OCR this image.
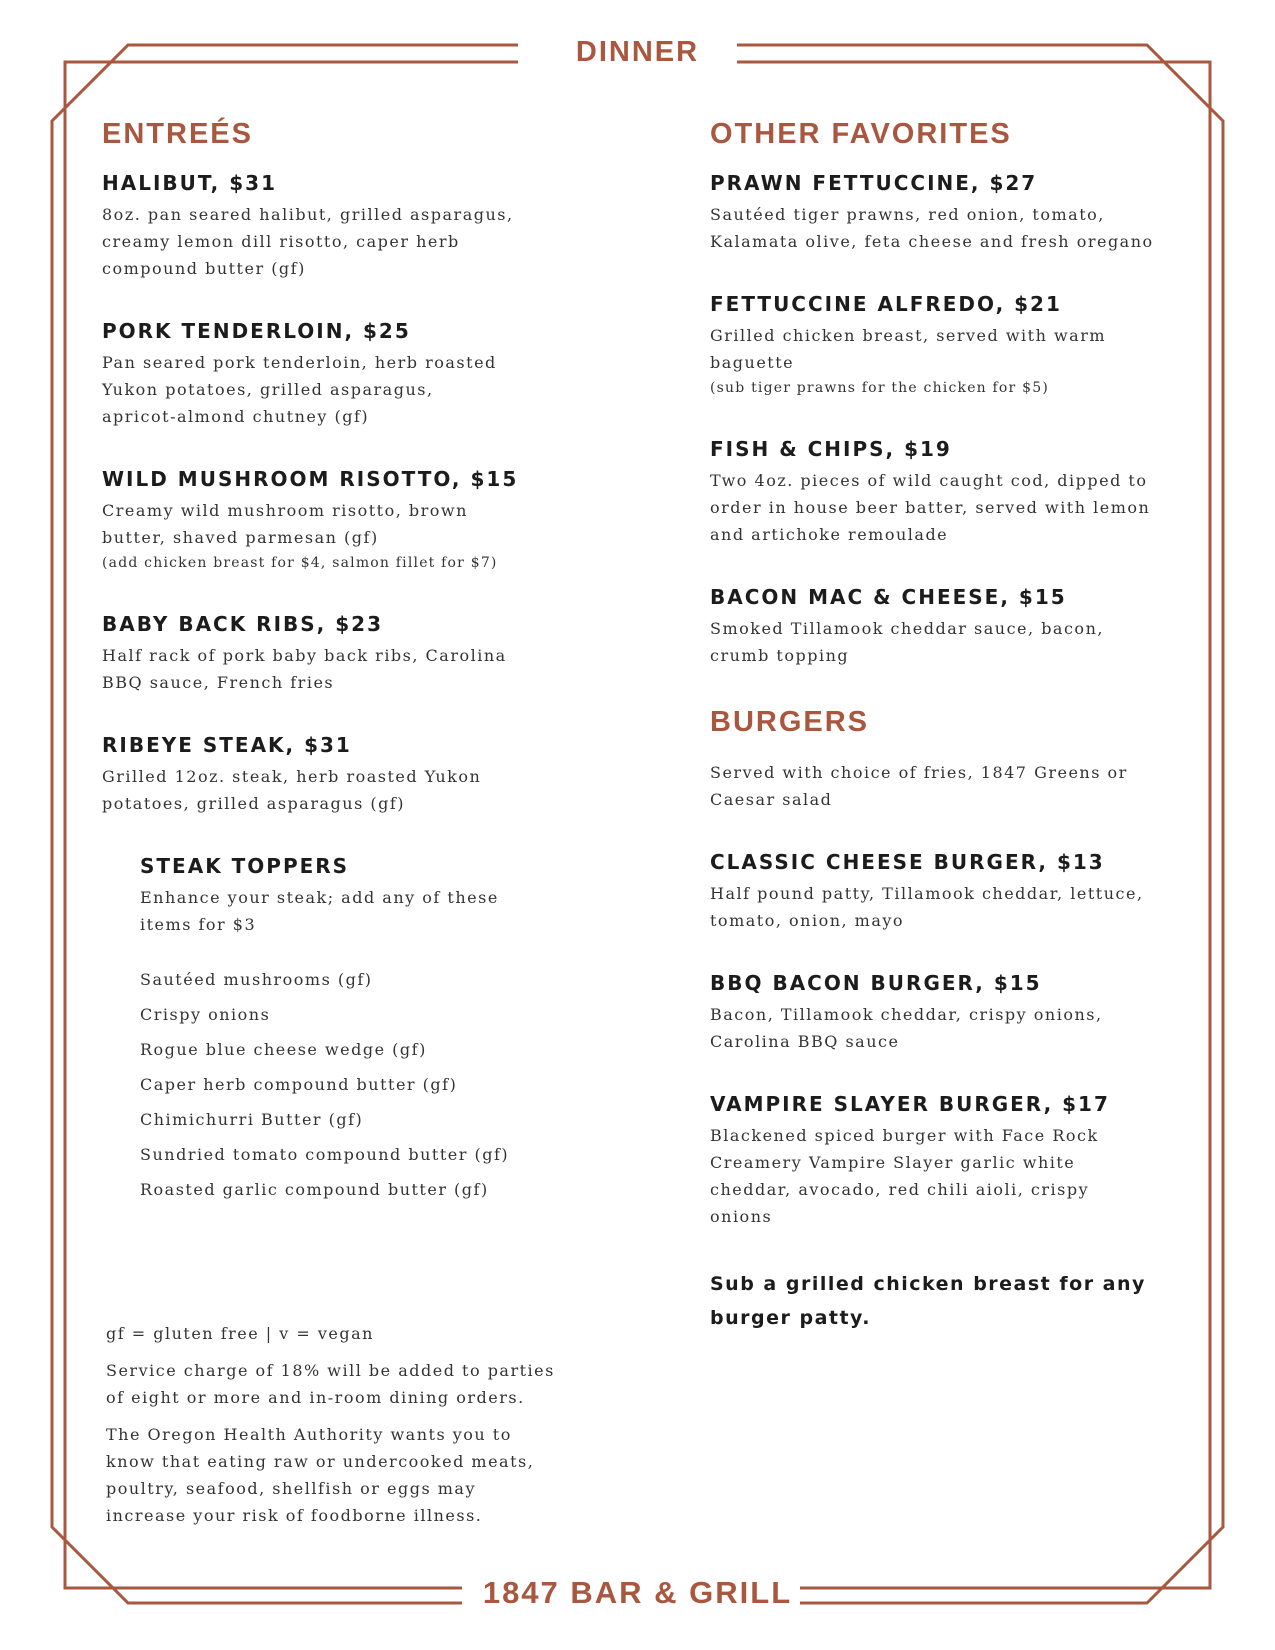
DINNER
ENTREÉS
HALIBUT, $31

8oz. pan seared halibut, grilled asparagus,
creamy lemon dill risotto, caper herb
compound butter (gf)

PORK TENDERLOIN, $25

Pan seared pork tenderloin, herb roasted
Yukon potatoes, grilled asparagus,
apricot-almond chutney (gf)

WILD MUSHROOM RISOTTO, $15

Creamy wild mushroom risotto, brown
butter, shaved parmesan (gf)

(add chicken breast for $4, salmon fillet for $7)

BABY BACK RIBS, $23

Half rack of pork baby back ribs, Carolina
BBQ sauce, French fries

RIBEYE STEAK, $31

Grilled 12oz. steak, herb roasted Yukon
potatoes, grilled asparagus (gf)

STEAK TOPPERS

Enhance your steak; add any of these
items for $3

Sautéed mushrooms (gf)
Crispy onions
Rogue blue cheese wedge (gf)
Caper herb compound butter (gf)
Chimichurri Butter (gf)
Sundried tomato compound butter (gf)
Roasted garlic compound butter (gf)

gf = gluten free | v = vegan

Service charge of 18% will be added to parties
of eight or more and in-room dining orders.

The Oregon Health Authority wants you to
know that eating raw or undercooked meats,
poultry, seafood, shellfish or eggs may
increase your risk of foodborne illness.

OTHER FAVORITES
PRAWN FETTUCCINE, $27

Sautéed tiger prawns, red onion, tomato,
Kalamata olive, feta cheese and fresh oregano

FETTUCCINE ALFREDO, $21

Grilled chicken breast, served with warm
baguette

(sub tiger prawns for the chicken for $5)

FISH & CHIPS, $19

Two 4oz. pieces of wild caught cod, dipped to
order in house beer batter, served with lemon
and artichoke remoulade

BACON MAC & CHEESE, $15

Smoked Tillamook cheddar sauce, bacon,
crumb topping

BURGERS

Served with choice of fries, 1847 Greens or
Caesar salad

CLASSIC CHEESE BURGER, $13

Half pound patty, Tillamook cheddar, lettuce,
tomato, onion, mayo

BBQ BACON BURGER, $15

Bacon, Tillamook cheddar, crispy onions,
Carolina BBQ sauce

VAMPIRE SLAYER BURGER, $17

Blackened spiced burger with Face Rock
Creamery Vampire Slayer garlic white
cheddar, avocado, red chili aioli, crispy
onions

Sub a grilled chicken breast for any
burger patty.

1847 BAR & GRILL
